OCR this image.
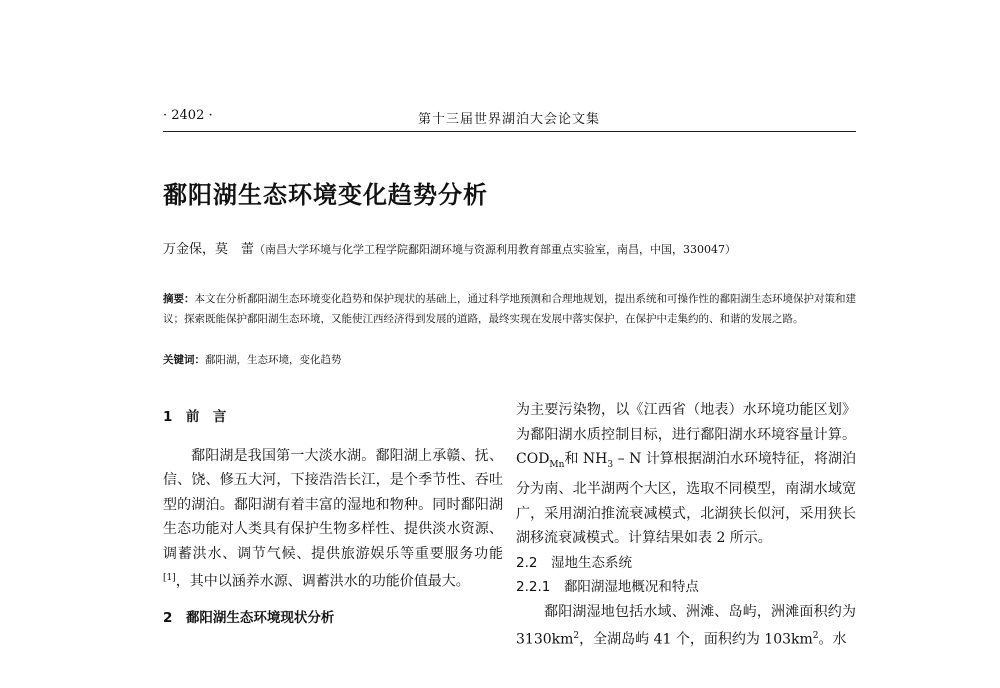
· 2402 ·	第十三届世界湖泊大会论文集
鄱阳湖生态环境变化趋势分析
万金保，莫　蕾（南昌大学环境与化学工程学院鄱阳湖环境与资源利用教育部重点实验室，南昌，中国，330047）
摘要：本文在分析鄱阳湖生态环境变化趋势和保护现状的基础上，通过科学地预测和合理地规划，提出系统和可操作性的鄱阳湖生态环境保护对策和建议；探索既能保护鄱阳湖生态环境，又能使江西经济得到发展的道路，最终实现在发展中落实保护，在保护中走集约的、和谐的发展之路。
关键词：鄱阳湖，生态环境，变化趋势
1　前　言

鄱阳湖是我国第一大淡水湖。鄱阳湖上承赣、抚、信、饶、修五大河，下接浩浩长江，是个季节性、吞吐型的湖泊。鄱阳湖有着丰富的湿地和物种。同时鄱阳湖生态功能对人类具有保护生物多样性、提供淡水资源、调蓄洪水、调节气候、提供旅游娱乐等重要服务功能[1]，其中以涵养水源、调蓄洪水的功能价值最大。

2　鄱阳湖生态环境现状分析

为主要污染物，以《江西省（地表）水环境功能区划》为鄱阳湖水质控制目标，进行鄱阳湖水环境容量计算。$COD_{Mn}$和 $NH_3$ – N 计算根据湖泊水环境特征，将湖泊分为南、北半湖两个大区，选取不同模型，南湖水域宽广，采用湖泊推流衰减模式，北湖狭长似河，采用狭长湖移流衰减模式。计算结果如表 2 所示。

2.2　湿地生态系统
2.2.1　鄱阳湖湿地概况和特点

鄱阳湖湿地包括水域、洲滩、岛屿，洲滩面积约为 $3130km^2$，全湖岛屿 41 个，面积约为 $103km^2$。水
